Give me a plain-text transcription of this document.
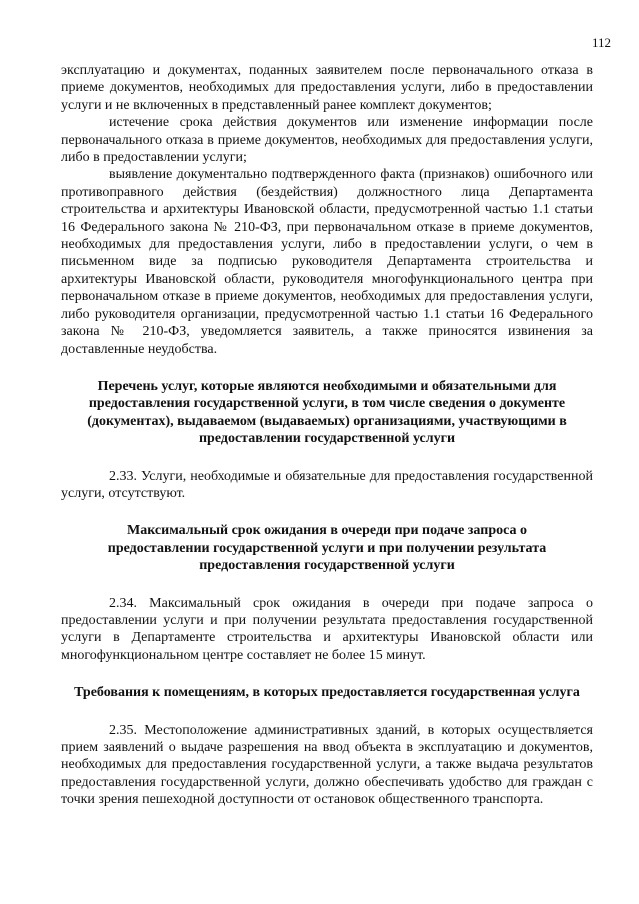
112

эксплуатацию и документах, поданных заявителем после первоначального отказа в приеме документов, необходимых для предоставления услуги, либо в предоставлении услуги и не включенных в представленный ранее комплект документов;

истечение срока действия документов или изменение информации после первоначального отказа в приеме документов, необходимых для предоставления услуги, либо в предоставлении услуги;

выявление документально подтвержденного факта (признаков) ошибочного или противоправного действия (бездействия) должностного лица Департамента строительства и архитектуры Ивановской области, предусмотренной частью 1.1 статьи 16 Федерального закона № 210-ФЗ, при первоначальном отказе в приеме документов, необходимых для предоставления услуги, либо в предоставлении услуги, о чем в письменном виде за подписью руководителя Департамента строительства и архитектуры Ивановской области, руководителя многофункционального центра при первоначальном отказе в приеме документов, необходимых для предоставления услуги, либо руководителя организации, предусмотренной частью 1.1 статьи 16 Федерального закона № 210-ФЗ, уведомляется заявитель, а также приносятся извинения за доставленные неудобства.

Перечень услуг, которые являются необходимыми и обязательными для предоставления государственной услуги, в том числе сведения о документе (документах), выдаваемом (выдаваемых) организациями, участвующими в предоставлении государственной услуги

2.33. Услуги, необходимые и обязательные для предоставления государственной услуги, отсутствуют.

Максимальный срок ожидания в очереди при подаче запроса о предоставлении государственной услуги и при получении результата предоставления государственной услуги

2.34. Максимальный срок ожидания в очереди при подаче запроса о предоставлении услуги и при получении результата предоставления государственной услуги в Департаменте строительства и архитектуры Ивановской области или многофункциональном центре составляет не более 15 минут.

Требования к помещениям, в которых предоставляется государственная услуга

2.35. Местоположение административных зданий, в которых осуществляется прием заявлений о выдаче разрешения на ввод объекта в эксплуатацию и документов, необходимых для предоставления государственной услуги, а также выдача результатов предоставления государственной услуги, должно обеспечивать удобство для граждан с точки зрения пешеходной доступности от остановок общественного транспорта.
